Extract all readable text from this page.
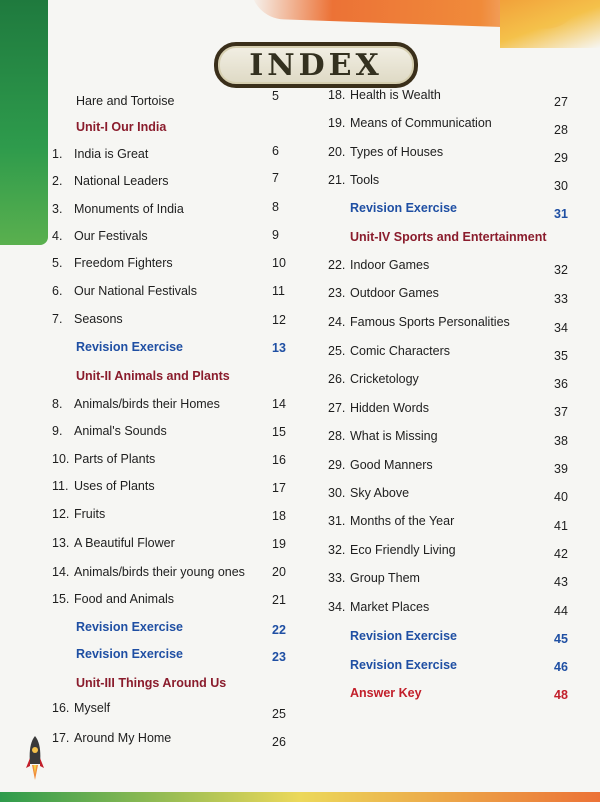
INDEX
Hare and Tortoise	5
Unit-I Our India
1. India is Great	6
2. National Leaders	7
3. Monuments of India	8
4. Our Festivals	9
5. Freedom Fighters	10
6. Our National Festivals	11
7. Seasons	12
Revision Exercise	13
Unit-II Animals and Plants
8. Animals/birds their Homes	14
9. Animal's Sounds	15
10. Parts of Plants	16
11. Uses of Plants	17
12. Fruits	18
13. A Beautiful Flower	19
14. Animals/birds their young ones 20
15. Food and Animals	21
Revision Exercise	22
Revision Exercise	23
Unit-III Things Around Us
16. Myself	25
17. Around My Home	26
18. Health is Wealth	27
19. Means of Communication	28
20. Types of Houses	29
21. Tools	30
Revision Exercise	31
Unit-IV Sports and Entertainment
22. Indoor Games	32
23. Outdoor Games	33
24. Famous Sports Personalities	34
25. Comic Characters	35
26. Cricketology	36
27. Hidden Words	37
28. What is Missing	38
29. Good Manners	39
30. Sky Above	40
31. Months of the Year	41
32. Eco Friendly Living	42
33. Group Them	43
34. Market Places	44
Revision Exercise	45
Revision Exercise	46
Answer Key	48
